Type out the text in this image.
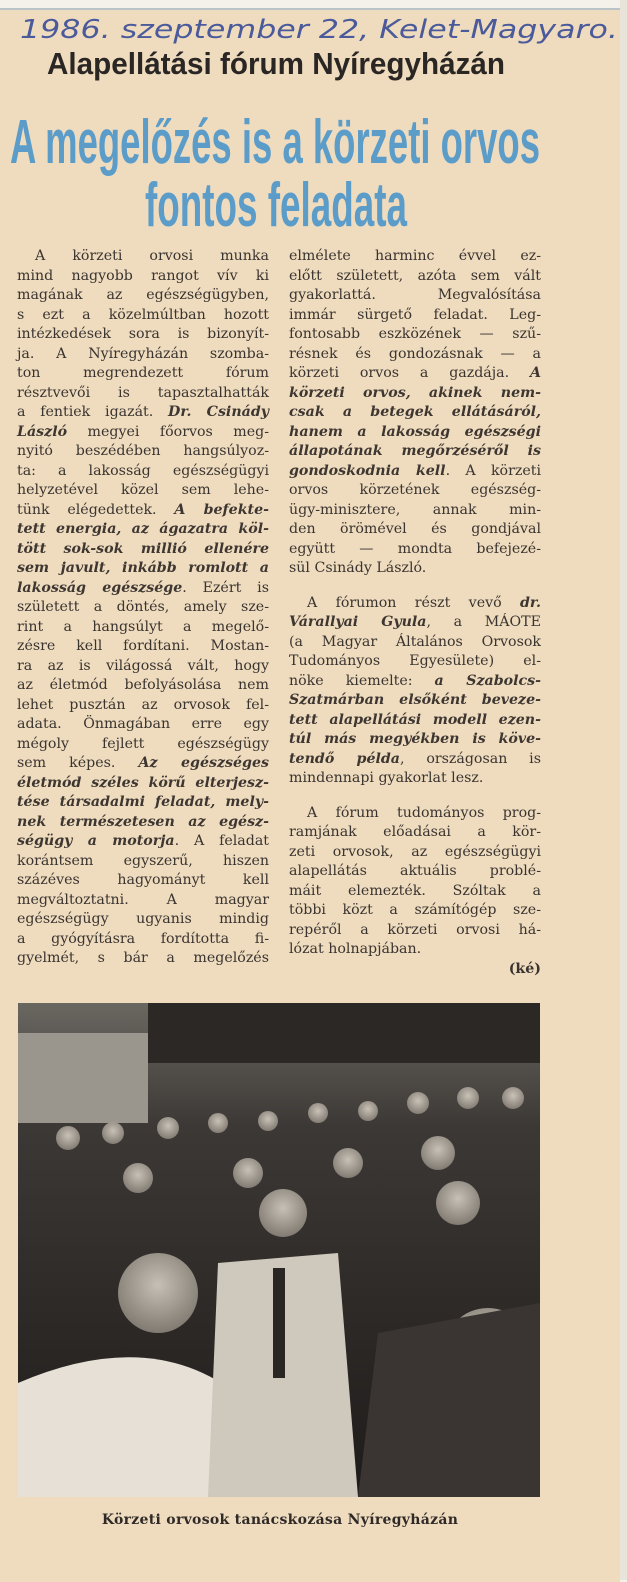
1986. szeptember 22, Kelet-Magyaro.
Alapellátási fórum Nyíregyházán
A megelőzés is a körzeti orvos
fontos feladata
A körzeti orvosi munka
mind nagyobb rangot vív ki
magának az egészségügyben,
s ezt a közelmúltban hozott
intézkedések sora is bizonyít-
ja. A Nyíregyházán szomba-
ton megrendezett fórum
résztvevői is tapasztalhatták
a fentiek igazát. Dr. Csinády
László megyei főorvos meg-
nyitó beszédében hangsúlyoz-
ta: a lakosság egészségügyi
helyzetével közel sem lehe-
tünk elégedettek. A befekte-
tett energia, az ágazatra köl-
tött sok-sok millió ellenére
sem javult, inkább romlott a
lakosság egészsége. Ezért is
született a döntés, amely sze-
rint a hangsúlyt a megelő-
zésre kell fordítani. Mostan-
ra az is világossá vált, hogy
az életmód befolyásolása nem
lehet pusztán az orvosok fel-
adata. Önmagában erre egy
mégoly fejlett egészségügy
sem képes. Az egészséges
életmód széles körű elterjesz-
tése társadalmi feladat, mely-
nek természetesen az egész-
ségügy a motorja. A feladat
korántsem egyszerű, hiszen
százéves hagyományt kell
megváltoztatni. A magyar
egészségügy ugyanis mindig
a gyógyításra fordította fi-
gyelmét, s bár a megelőzés
elmélete harminc évvel ez-
előtt született, azóta sem vált
gyakorlattá. Megvalósítása
immár sürgető feladat. Leg-
fontosabb eszközének — szű-
résnek és gondozásnak — a
körzeti orvos a gazdája. A
körzeti orvos, akinek nem-
csak a betegek ellátásáról,
hanem a lakosság egészségi
állapotának megőrzéséről is
gondoskodnia kell. A körzeti
orvos körzetének egészség-
ügy-minisztere, annak min-
den örömével és gondjával
együtt — mondta befejezé-
sül Csinády László.
A fórumon részt vevő dr.
Várallyai Gyula, a MÁOTE
(a Magyar Általános Orvosok
Tudományos Egyesülete) el-
nöke kiemelte: a Szabolcs-
Szatmárban elsőként beveze-
tett alapellátási modell ezen-
túl más megyékben is köve-
tendő példa, országosan is
mindennapi gyakorlat lesz.
A fórum tudományos prog-
ramjának előadásai a kör-
zeti orvosok, az egészségügyi
alapellátás aktuális problé-
máit elemezték. Szóltak a
többi közt a számítógép sze-
repéről a körzeti orvosi há-
lózat holnapjában.
(ké)
Körzeti orvosok tanácskozása Nyíregyházán
